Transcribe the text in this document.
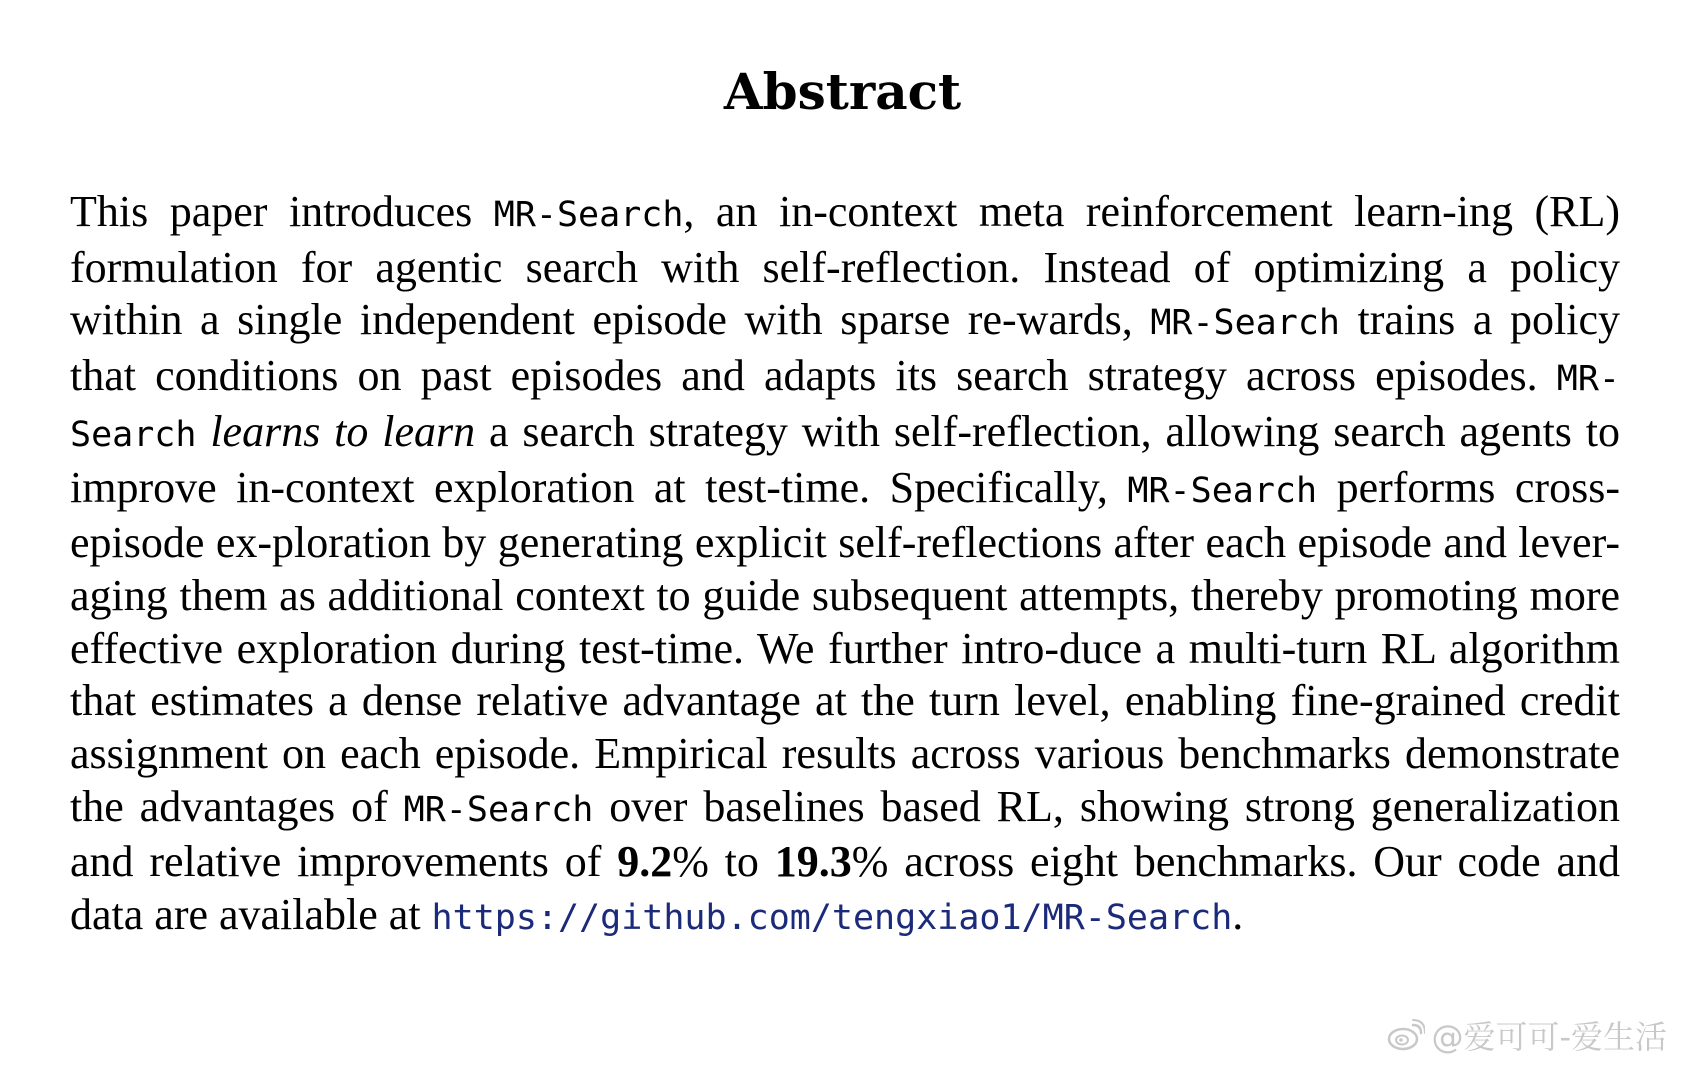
Abstract

This paper introduces MR-Search, an in-context meta reinforcement learn-ing (RL) formulation for agentic search with self-reflection. Instead of optimizing a policy within a single independent episode with sparse re-wards, MR-Search trains a policy that conditions on past episodes and adapts its search strategy across episodes. MR-Search learns to learn a search strategy with self-reflection, allowing search agents to improve in-context exploration at test-time. Specifically, MR-Search performs cross-episode ex-ploration by generating explicit self-reflections after each episode and lever-aging them as additional context to guide subsequent attempts, thereby promoting more effective exploration during test-time. We further intro-duce a multi-turn RL algorithm that estimates a dense relative advantage at the turn level, enabling fine-grained credit assignment on each episode. Empirical results across various benchmarks demonstrate the advantages of MR-Search over baselines based RL, showing strong generalization and relative improvements of 9.2% to 19.3% across eight benchmarks. Our code and data are available at https://github.com/tengxiao1/MR-Search.

@爱可可-爱生活
